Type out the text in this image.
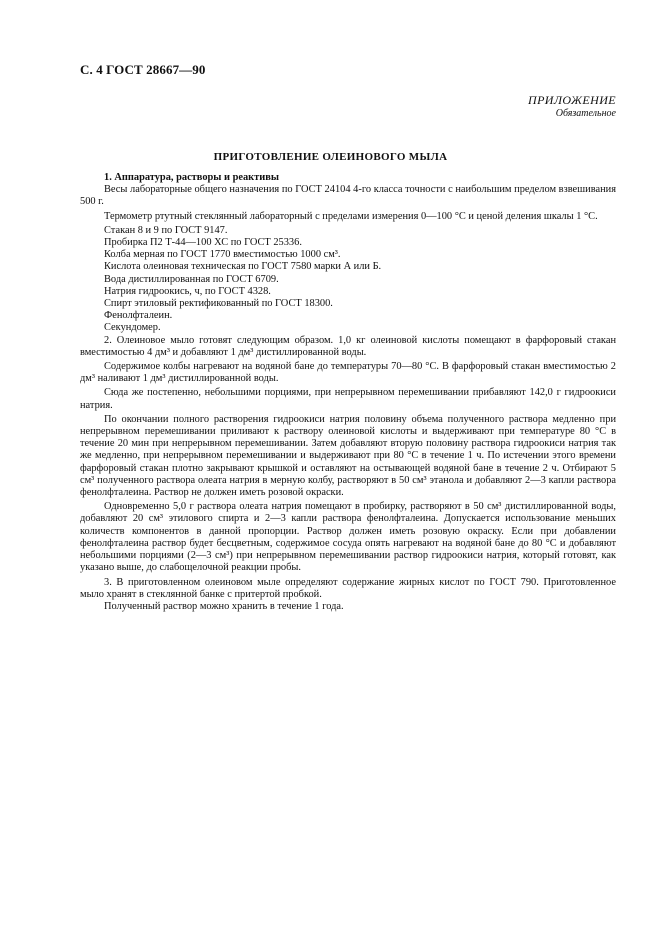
С. 4 ГОСТ 28667—90
ПРИЛОЖЕНИЕ
Обязательное
ПРИГОТОВЛЕНИЕ ОЛЕИНОВОГО МЫЛА

1. Аппаратура, растворы и реактивы

Весы лабораторные общего назначения по ГОСТ 24104 4-го класса точности с наибольшим пределом взвешивания 500 г.

Термометр ртутный стеклянный лабораторный с пределами измерения 0—100 °С и ценой деления шкалы 1 °С.

Стакан 8 и 9 по ГОСТ 9147.

Пробирка П2 Т-44—100 ХС по ГОСТ 25336.

Колба мерная по ГОСТ 1770 вместимостью 1000 см³.

Кислота олеиновая техническая по ГОСТ 7580 марки А или Б.

Вода дистиллированная по ГОСТ 6709.

Натрия гидроокись, ч, по ГОСТ 4328.

Спирт этиловый ректификованный по ГОСТ 18300.

Фенолфталеин.

Секундомер.

2. Олеиновое мыло готовят следующим образом. 1,0 кг олеиновой кислоты помещают в фарфоровый стакан вместимостью 4 дм³ и добавляют 1 дм³ дистиллированной воды.

Содержимое колбы нагревают на водяной бане до температуры 70—80 °С. В фарфоровый стакан вместимостью 2 дм³ наливают 1 дм³ дистиллированной воды.

Сюда же постепенно, небольшими порциями, при непрерывном перемешивании прибавляют 142,0 г гидроокиси натрия.

По окончании полного растворения гидроокиси натрия половину объема полученного раствора медленно при непрерывном перемешивании приливают к раствору олеиновой кислоты и выдерживают при температуре 80 °С в течение 20 мин при непрерывном перемешивании. Затем добавляют вторую половину раствора гидроокиси натрия так же медленно, при непрерывном перемешивании и выдерживают при 80 °С в течение 1 ч. По истечении этого времени фарфоровый стакан плотно закрывают крышкой и оставляют на остывающей водяной бане в течение 2 ч. Отбирают 5 см³ полученного раствора олеата натрия в мерную колбу, растворяют в 50 см³ этанола и добавляют 2—3 капли раствора фенолфталеина. Раствор не должен иметь розовой окраски.

Одновременно 5,0 г раствора олеата натрия помещают в пробирку, растворяют в 50 см³ дистиллированной воды, добавляют 20 см³ этилового спирта и 2—3 капли раствора фенолфталеина. Допускается использование меньших количеств компонентов в данной пропорции. Раствор должен иметь розовую окраску. Если при добавлении фенолфталеина раствор будет бесцветным, содержимое сосуда опять нагревают на водяной бане до 80 °С и добавляют небольшими порциями (2—3 см³) при непрерывном перемешивании раствор гидроокиси натрия, который готовят, как указано выше, до слабощелочной реакции пробы.

3. В приготовленном олеиновом мыле определяют содержание жирных кислот по ГОСТ 790. Приготовленное мыло хранят в стеклянной банке с притертой пробкой.

Полученный раствор можно хранить в течение 1 года.
